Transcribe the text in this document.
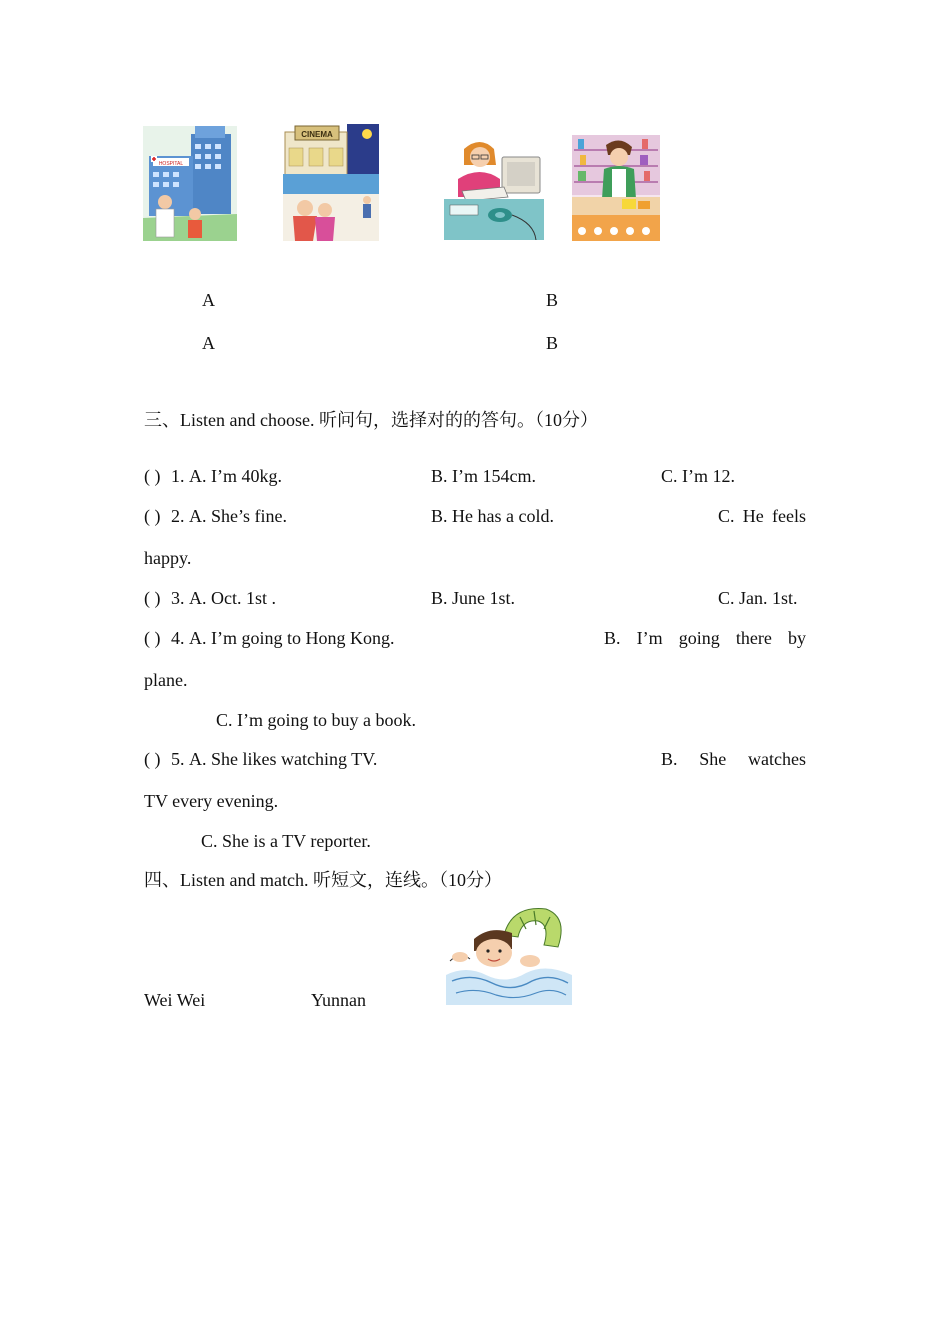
HOSPITAL
CINEMA
A	B
A	B
三、Listen and choose. 听问句，选择对的的答句。（10分）
( ) 1. A. I’m 40kg.	B. I’m 154cm.	C. I’m 12.
( ) 2. A. She’s fine.	B. He has a cold.	C. He feels
happy.
( ) 3. A. Oct. 1st .	B. June 1st.	C. Jan. 1st.
( ) 4. A. I’m going to Hong Kong.	B. I’m going there by
plane.
C. I’m going to buy a book.
( ) 5. A. She likes watching TV.	B. She watches
TV every evening.
C. She is a TV reporter.
四、Listen and match. 听短文，连线。（10分）
Wei Wei	Yunnan
